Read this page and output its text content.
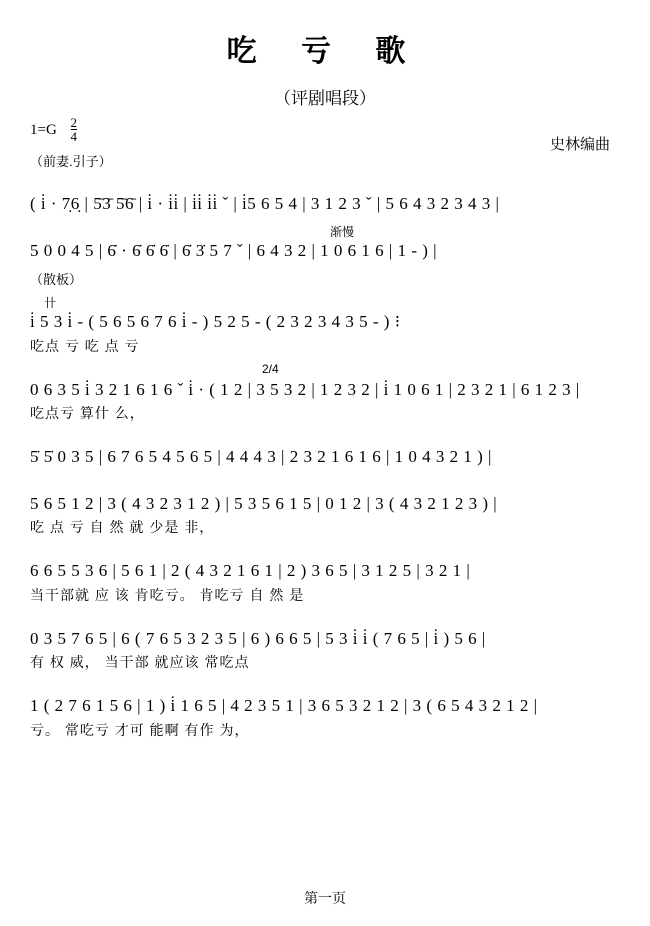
吃 亏 歌
（评剧唱段）
$1=G \frac{2}{4}$
史林编曲
（前妻.引子）
( i̇ · 7̣6̣ | 5̄3̄ 5̄6̄ | i̇ · i̇i̇ | i̇i̇ i̇i̇ ˇ | i̇5 6 5 4 | 3 1 2 3 ˇ | 5 6 4 3 2 3 4 3 |
渐慢
5 0 0 4 5 | 6̇ · 6̇ 6̇ 6̇ | 6̇ 3̇ 5 7 ˇ | 6 4 3 2 | 1 0 6 1 6 | 1 - ) |
（散板）
卄
i̇ 5 3 i̇ - ( 5 6 5 6 7 6 i̇ - ) 5 2 5 - ( 2 3 2 3 4 3 5 - ) ⁝
吃点 亏 吃 点 亏
2/4
0 6 3 5 i̇ 3 2 1 6 1 6 ˇ i̇ · ( 1 2 | 3 5 3 2 | 1 2 3 2 | i̇ 1 0 6 1 | 2 3 2 1 | 6 1 2 3 |
吃点亏 算什 么，
5̇ 5̇ 0 3 5 | 6 7 6 5 4 5 6 5 | 4 4 4 3 | 2 3 2 1 6 1 6 | 1 0 4 3 2 1 ) |
5 6 5 1 2 | 3 ( 4 3 2 3 1 2 ) | 5 3 5 6 1 5 | 0 1 2 | 3 ( 4 3 2 1 2 3 ) |
吃 点 亏 自 然 就 少是 非，
6 6 5 5 3 6 | 5 6 1 | 2 ( 4 3 2 1 6 1 | 2 ) 3 6 5 | 3 1 2 5 | 3 2 1 |
当干部就 应 该 肯吃亏。 肯吃亏 自 然 是
0 3 5 7 6 5 | 6 ( 7 6 5 3 2 3 5 | 6 ) 6 6 5 | 5 3 i̇ i̇ ( 7 6 5 | i̇ ) 5 6 |
有 权 威， 当干部 就应该 常吃点
1 ( 2 7 6 1 5 6 | 1 ) i̇ 1 6 5 | 4 2 3 5 1 | 3 6 5 3 2 1 2 | 3 ( 6 5 4 3 2 1 2 |
亏。 常吃亏 才可 能啊 有作 为，
第一页
